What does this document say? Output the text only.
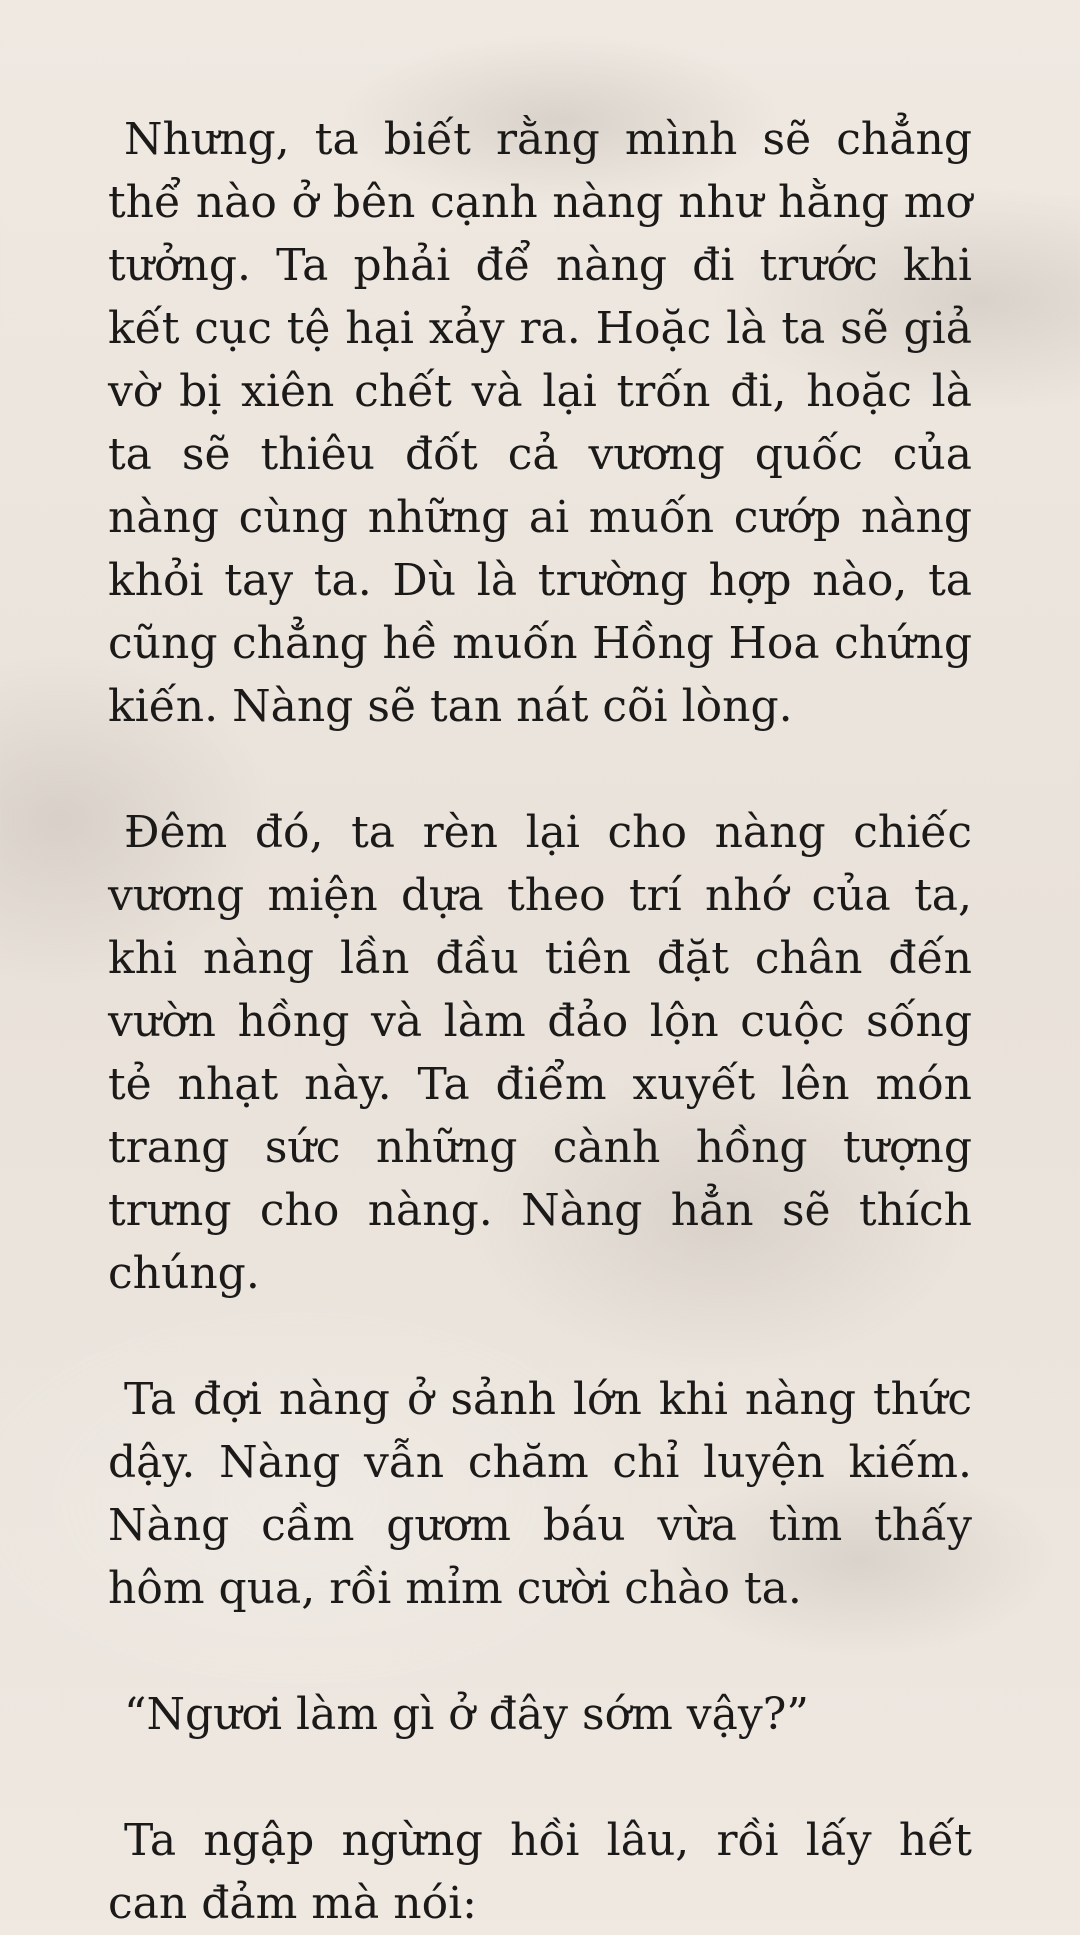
Nhưng, ta biết rằng mình sẽ chẳng thể nào ở bên cạnh nàng như hằng mơ tưởng. Ta phải để nàng đi trước khi kết cục tệ hại xảy ra. Hoặc là ta sẽ giả vờ bị xiên chết và lại trốn đi, hoặc là ta sẽ thiêu đốt cả vương quốc của nàng cùng những ai muốn cướp nàng khỏi tay ta. Dù là trường hợp nào, ta cũng chẳng hề muốn Hồng Hoa chứng kiến. Nàng sẽ tan nát cõi lòng.

Đêm đó, ta rèn lại cho nàng chiếc vương miện dựa theo trí nhớ của ta, khi nàng lần đầu tiên đặt chân đến vườn hồng và làm đảo lộn cuộc sống tẻ nhạt này. Ta điểm xuyết lên món trang sức những cành hồng tượng trưng cho nàng. Nàng hẳn sẽ thích chúng.

Ta đợi nàng ở sảnh lớn khi nàng thức dậy. Nàng vẫn chăm chỉ luyện kiếm. Nàng cầm gươm báu vừa tìm thấy hôm qua, rồi mỉm cười chào ta.

“Ngươi làm gì ở đây sớm vậy?”

Ta ngập ngừng hồi lâu, rồi lấy hết can đảm mà nói:
